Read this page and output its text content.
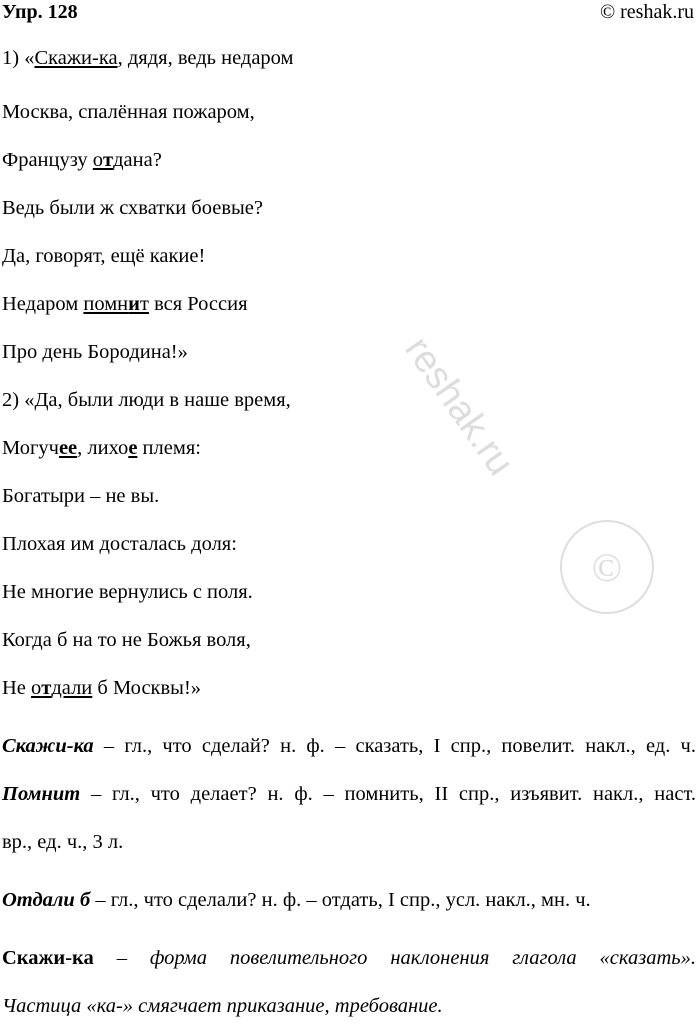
Упр. 128	© reshak.ru
reshak.ru
©
1) «Скажи-ка, дядя, ведь недаром
Москва, спалённая пожаром,
Французу отдана?
Ведь были ж схватки боевые?
Да, говорят, ещё какие!
Недаром помнит вся Россия
Про день Бородина!»
2) «Да, были люди в наше время,
Могучее, лихое племя:
Богатыри – не вы.
Плохая им досталась доля:
Не многие вернулись с поля.
Когда б на то не Божья воля,
Не отдали б Москвы!»
Скажи-ка – гл., что сделай? н. ф. – сказать, I спр., повелит. накл., ед. ч.
Помнит – гл., что делает? н. ф. – помнить, II спр., изъявит. накл., наст.
вр., ед. ч., 3 л.
Отдали б – гл., что сделали? н. ф. – отдать, I спр., усл. накл., мн. ч.
Скажи-ка – форма повелительного наклонения глагола «сказать».
Частица «ка-» смягчает приказание, требование.
